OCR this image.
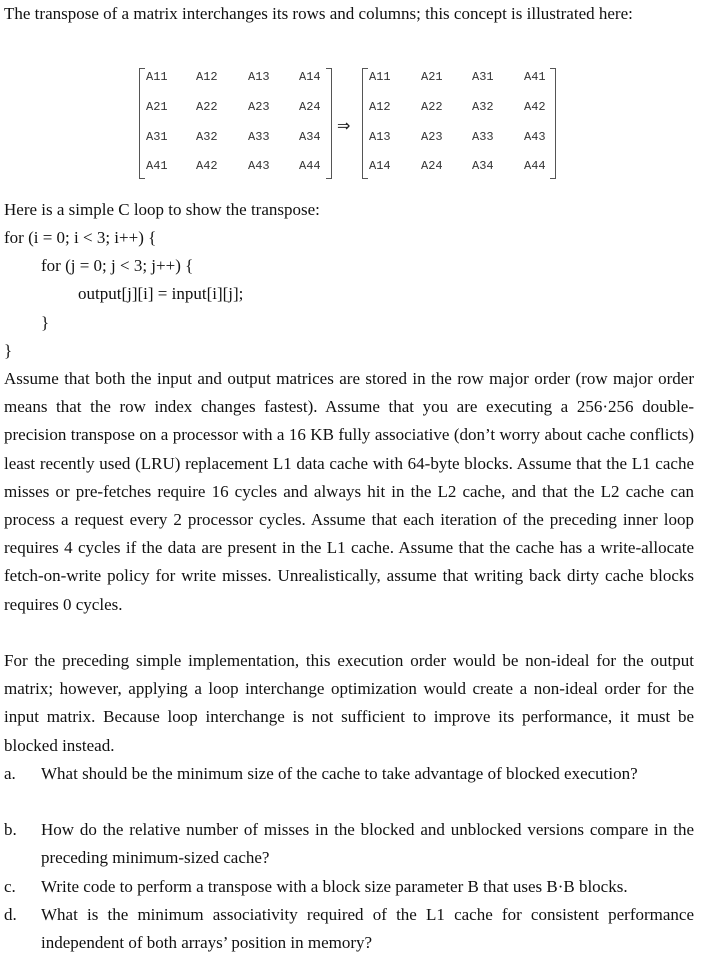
The transpose of a matrix interchanges its rows and columns; this concept is illustrated here:

A11 A12	A13 A14
A21 A22	A23 A24
A31 A32	A33 A34
A41 A42	A43 A44
⇒
A11	A21 A31	A41
A12	A22 A32	A42
A13	A23 A33	A43
A14	A24 A34	A44

Here is a simple C loop to show the transpose:

for (i = 0; i < 3; i++) {

for (j = 0; j < 3; j++) {

output[j][i] = input[i][j];

}

}

Assume that both the input and output matrices are stored in the row major order (row major order means that the row index changes fastest). Assume that you are executing a 256·256 double-precision transpose on a processor with a 16 KB fully associative (don’t worry about cache conflicts) least recently used (LRU) replacement L1 data cache with 64-byte blocks. Assume that the L1 cache misses or pre-fetches require 16 cycles and always hit in the L2 cache, and that the L2 cache can process a request every 2 processor cycles. Assume that each iteration of the preceding inner loop requires 4 cycles if the data are present in the L1 cache. Assume that the cache has a write-allocate fetch-on-write policy for write misses. Unrealistically, assume that writing back dirty cache blocks requires 0 cycles.

For the preceding simple implementation, this execution order would be non-ideal for the output matrix; however, applying a loop interchange optimization would create a non-ideal order for the input matrix. Because loop interchange is not sufficient to improve its performance, it must be blocked instead.

a. What should be the minimum size of the cache to take advantage of blocked execution?

b. How do the relative number of misses in the blocked and unblocked versions compare in the preceding minimum-sized cache?

c. Write code to perform a transpose with a block size parameter B that uses B·B blocks.

d. What is the minimum associativity required of the L1 cache for consistent performance independent of both arrays’ position in memory?
